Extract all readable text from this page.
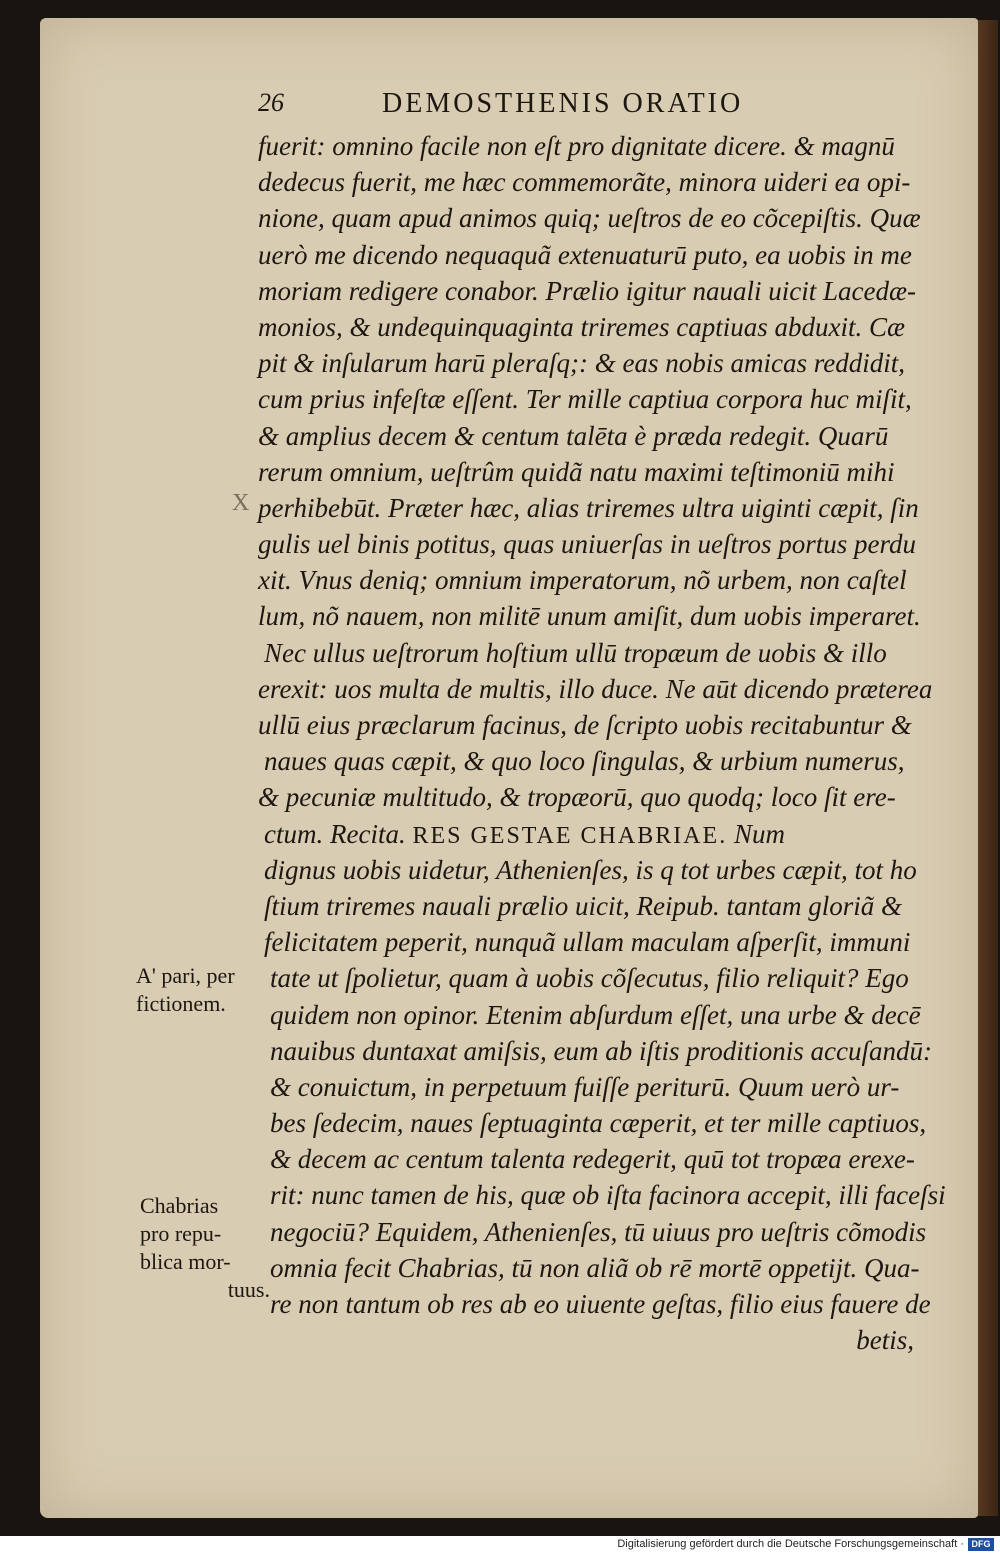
26	DEMOSTHENIS ORATIO
fuerit: omnino facile non eſt pro dignitate dicere. & magnū
dedecus fuerit, me hæc commemorãte, minora uideri ea opi-
nione, quam apud animos quiq; ueſtros de eo cõcepiſtis. Quæ
uerò me dicendo nequaquã extenuaturū puto, ea uobis in me
moriam redigere conabor. Prælio igitur nauali uicit Lacedæ-
monios, & undequinquaginta triremes captiuas abduxit. Cæ
pit & inſularum harū pleraſq;: & eas nobis amicas reddidit,
cum prius infeſtæ eſſent. Ter mille captiua corpora huc miſit,
& amplius decem & centum talēta è præda redegit. Quarū
rerum omnium, ueſtrûm quidã natu maximi teſtimoniū mihi
perhibebūt. Præter hæc, alias triremes ultra uiginti cæpit, ſin
gulis uel binis potitus, quas uniuerſas in ueſtros portus perdu
xit. Vnus deniq; omnium imperatorum, nõ urbem, non caſtel
lum, nõ nauem, non militē unum amiſit, dum uobis imperaret.
Nec ullus ueſtrorum hoſtium ullū tropæum de uobis & illo
erexit: uos multa de multis, illo duce. Ne aūt dicendo præterea
ullū eius præclarum facinus, de ſcripto uobis recitabuntur &
naues quas cæpit, & quo loco ſingulas, & urbium numerus,
& pecuniæ multitudo, & tropæorū, quo quodq; loco ſit ere-
ctum. Recita. RES GESTAE CHABRIAE. Num
dignus uobis uidetur, Athenienſes, is q tot urbes cæpit, tot ho
ſtium triremes nauali prælio uicit, Reipub. tantam gloriã &
felicitatem peperit, nunquã ullam maculam aſperſit, immuni
tate ut ſpolietur, quam à uobis cõſecutus, filio reliquit? Ego
quidem non opinor. Etenim abſurdum eſſet, una urbe & decē
nauibus duntaxat amiſsis, eum ab iſtis proditionis accuſandū:
& conuictum, in perpetuum fuiſſe periturū. Quum uerò ur-
bes ſedecim, naues ſeptuaginta cæperit, et ter mille captiuos,
& decem ac centum talenta redegerit, quū tot tropæa erexe-
rit: nunc tamen de his, quæ ob iſta facinora accepit, illi faceſsi
negociū? Equidem, Athenienſes, tū uiuus pro ueſtris cõmodis
omnia fecit Chabrias, tū non aliã ob rē mortē oppetijt. Qua-
re non tantum ob res ab eo uiuente geſtas, filio eius fauere de
betis,
X
A' pari, per
fictionem.
Chabrias
pro repu-
blica mor-

tuus.
Digitalisierung gefördert durch die Deutsche Forschungsgemeinschaft · DFG
